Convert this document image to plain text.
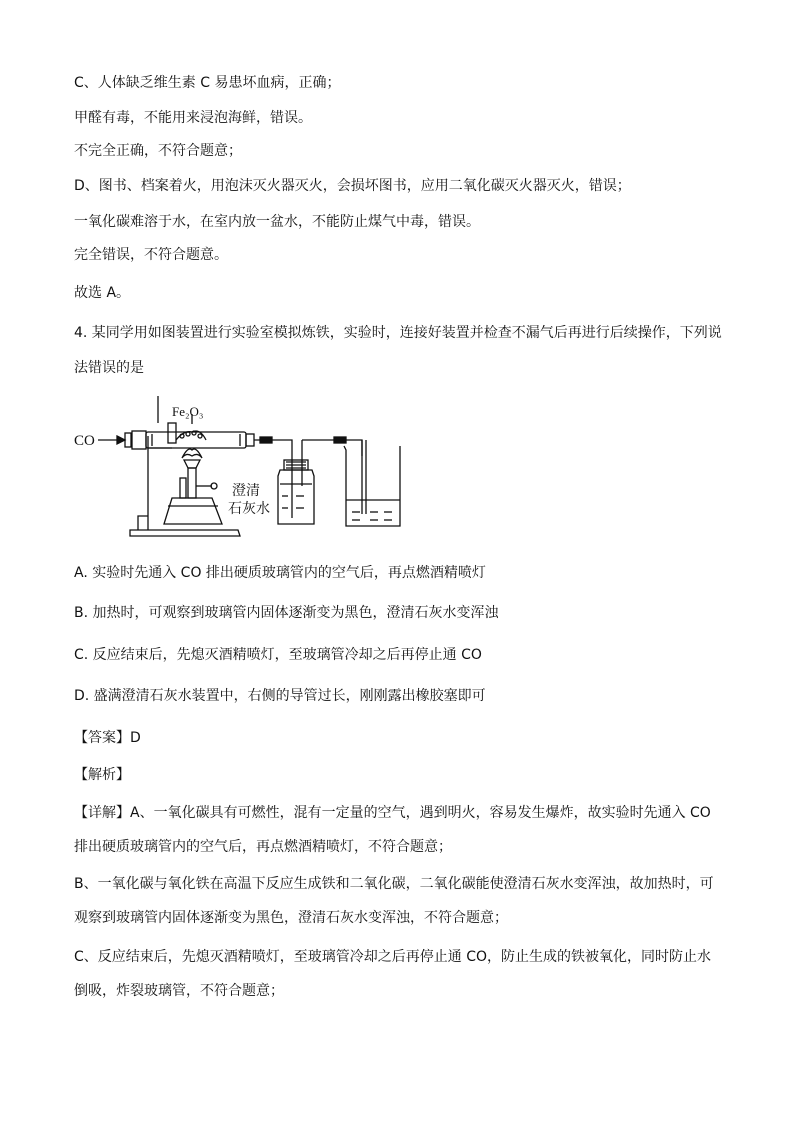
C、人体缺乏维生素 C 易患坏血病，正确；
甲醛有毒，不能用来浸泡海鲜，错误。
不完全正确，不符合题意；
D、图书、档案着火，用泡沫灭火器灭火，会损坏图书，应用二氧化碳灭火器灭火，错误；
一氧化碳难溶于水，在室内放一盆水，不能防止煤气中毒，错误。
完全错误，不符合题意。
故选 A。
4. 某同学用如图装置进行实验室模拟炼铁，实验时，连接好装置并检查不漏气后再进行后续操作，下列说
法错误的是
CO
Fe₂O₃
澄清
石灰水
A. 实验时先通入 CO 排出硬质玻璃管内的空气后，再点燃酒精喷灯
B. 加热时，可观察到玻璃管内固体逐渐变为黑色，澄清石灰水变浑浊
C. 反应结束后，先熄灭酒精喷灯，至玻璃管冷却之后再停止通 CO
D. 盛满澄清石灰水装置中，右侧的导管过长，刚刚露出橡胶塞即可
【答案】D
【解析】
【详解】A、一氧化碳具有可燃性，混有一定量的空气，遇到明火，容易发生爆炸，故实验时先通入 CO 排出硬质玻璃管内的空气后，再点燃酒精喷灯，不符合题意；
B、一氧化碳与氧化铁在高温下反应生成铁和二氧化碳，二氧化碳能使澄清石灰水变浑浊，故加热时，可观察到玻璃管内固体逐渐变为黑色，澄清石灰水变浑浊，不符合题意；
C、反应结束后，先熄灭酒精喷灯，至玻璃管冷却之后再停止通 CO，防止生成的铁被氧化，同时防止水倒吸，炸裂玻璃管，不符合题意；
